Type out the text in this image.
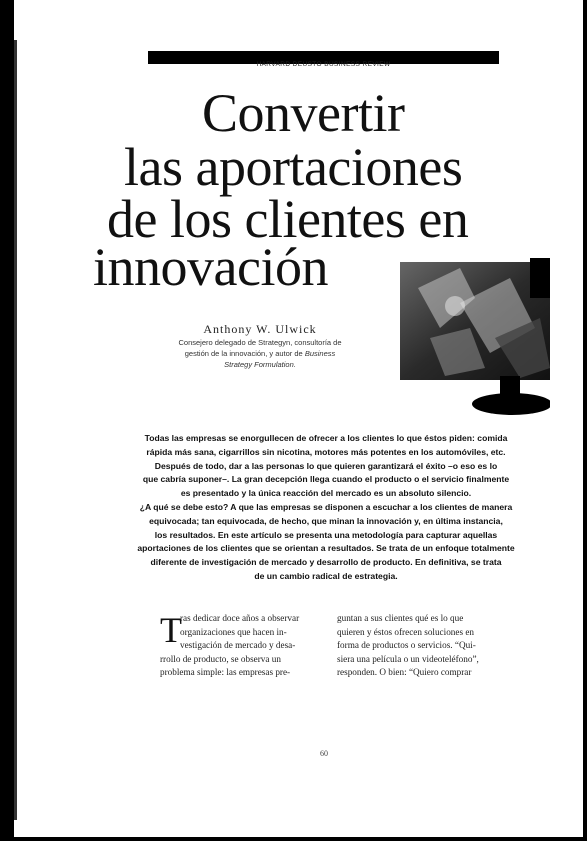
HARVARD DEUSTO BUSINESS REVIEW
Convertir
las aportaciones
de los clientes en
innovación
Anthony W. Ulwick
Consejero delegado de Strategyn, consultoría de
gestión de la innovación, y autor de Business
Strategy Formulation.
Todas las empresas se enorgullecen de ofrecer a los clientes lo que éstos piden: comida
rápida más sana, cigarrillos sin nicotina, motores más potentes en los automóviles, etc.
Después de todo, dar a las personas lo que quieren garantizará el éxito –o eso es lo
que cabría suponer–. La gran decepción llega cuando el producto o el servicio finalmente
es presentado y la única reacción del mercado es un absoluto silencio.
¿A qué se debe esto? A que las empresas se disponen a escuchar a los clientes de manera
equivocada; tan equivocada, de hecho, que minan la innovación y, en última instancia,
los resultados. En este artículo se presenta una metodología para capturar aquellas
aportaciones de los clientes que se orientan a resultados. Se trata de un enfoque totalmente
diferente de investigación de mercado y desarrollo de producto. En definitiva, se trata
de un cambio radical de estrategia.
T
ras dedicar doce años a observar
organizaciones que hacen in-
vestigación de mercado y desa-
rrollo de producto, se observa un
problema simple: las empresas pre-
guntan a sus clientes qué es lo que
quieren y éstos ofrecen soluciones en
forma de productos o servicios. “Qui-
siera una película o un videoteléfono”,
responden. O bien: “Quiero comprar
60
